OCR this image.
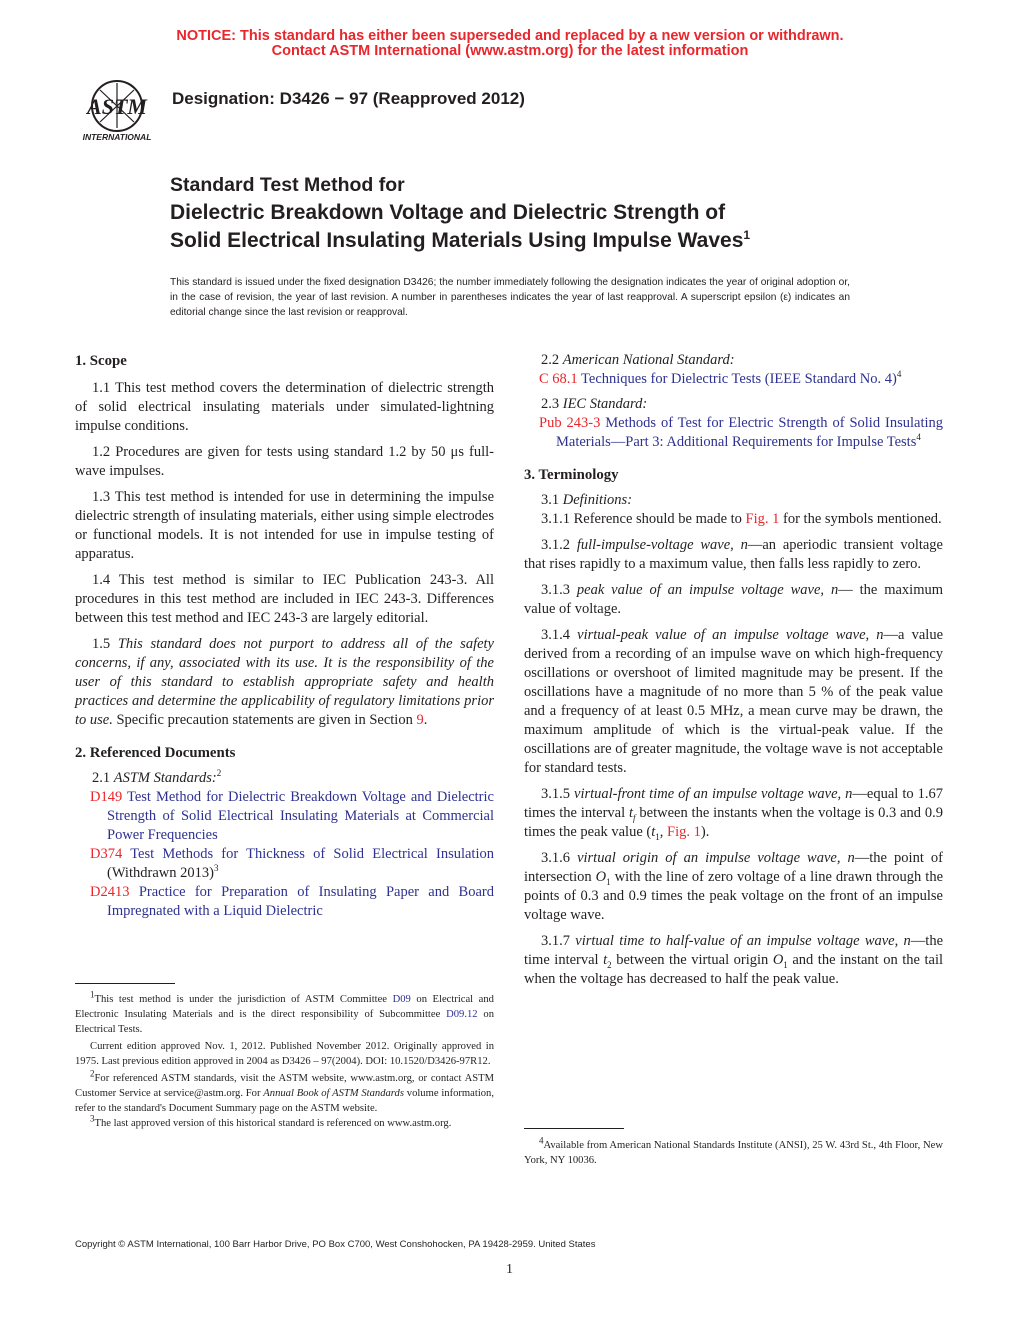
NOTICE: This standard has either been superseded and replaced by a new version or withdrawn.
Contact ASTM International (www.astm.org) for the latest information
ASTM
INTERNATIONAL
Designation: D3426 − 97 (Reapproved 2012)
Standard Test Method for
Dielectric Breakdown Voltage and Dielectric Strength of
Solid Electrical Insulating Materials Using Impulse Waves$^1$
This standard is issued under the fixed designation D3426; the number immediately following the designation indicates the year of original adoption or, in the case of revision, the year of last revision. A number in parentheses indicates the year of last reapproval. A superscript epsilon (ε) indicates an editorial change since the last revision or reapproval.

1. Scope

1.1 This test method covers the determination of dielectric strength of solid electrical insulating materials under simulated-lightning impulse conditions.

1.2 Procedures are given for tests using standard 1.2 by 50 μs full-wave impulses.

1.3 This test method is intended for use in determining the impulse dielectric strength of insulating materials, either using simple electrodes or functional models. It is not intended for use in impulse testing of apparatus.

1.4 This test method is similar to IEC Publication 243-3. All procedures in this test method are included in IEC 243-3. Differences between this test method and IEC 243-3 are largely editorial.

1.5 This standard does not purport to address all of the safety concerns, if any, associated with its use. It is the responsibility of the user of this standard to establish appropriate safety and health practices and determine the applicability of regulatory limitations prior to use. Specific precaution statements are given in Section 9.

2. Referenced Documents

2.1 ASTM Standards:$^2$

D149 Test Method for Dielectric Breakdown Voltage and Dielectric Strength of Solid Electrical Insulating Materials at Commercial Power Frequencies

D374 Test Methods for Thickness of Solid Electrical Insulation (Withdrawn 2013)$^3$

D2413 Practice for Preparation of Insulating Paper and Board Impregnated with a Liquid Dielectric

$^1$This test method is under the jurisdiction of ASTM Committee D09 on Electrical and Electronic Insulating Materials and is the direct responsibility of Subcommittee D09.12 on Electrical Tests.

Current edition approved Nov. 1, 2012. Published November 2012. Originally approved in 1975. Last previous edition approved in 2004 as D3426 – 97(2004). DOI: 10.1520/D3426-97R12.

$^2$For referenced ASTM standards, visit the ASTM website, www.astm.org, or contact ASTM Customer Service at service@astm.org. For Annual Book of ASTM Standards volume information, refer to the standard's Document Summary page on the ASTM website.

$^3$The last approved version of this historical standard is referenced on www.astm.org.

2.2 American National Standard:

C 68.1 Techniques for Dielectric Tests (IEEE Standard No. 4)$^4$

2.3 IEC Standard:

Pub 243-3 Methods of Test for Electric Strength of Solid Insulating Materials—Part 3: Additional Requirements for Impulse Tests$^4$

3. Terminology

3.1 Definitions:

3.1.1 Reference should be made to Fig. 1 for the symbols mentioned.

3.1.2 full-impulse-voltage wave, n—an aperiodic transient voltage that rises rapidly to a maximum value, then falls less rapidly to zero.

3.1.3 peak value of an impulse voltage wave, n— the maximum value of voltage.

3.1.4 virtual-peak value of an impulse voltage wave, n—a value derived from a recording of an impulse wave on which high-frequency oscillations or overshoot of limited magnitude may be present. If the oscillations have a magnitude of no more than 5 % of the peak value and a frequency of at least 0.5 MHz, a mean curve may be drawn, the maximum amplitude of which is the virtual-peak value. If the oscillations are of greater magnitude, the voltage wave is not acceptable for standard tests.

3.1.5 virtual-front time of an impulse voltage wave, n—equal to 1.67 times the interval $t_f$ between the instants when the voltage is 0.3 and 0.9 times the peak value ($t_1$, Fig. 1).

3.1.6 virtual origin of an impulse voltage wave, n—the point of intersection $O_1$ with the line of zero voltage of a line drawn through the points of 0.3 and 0.9 times the peak voltage on the front of an impulse voltage wave.

3.1.7 virtual time to half-value of an impulse voltage wave, n—the time interval $t_2$ between the virtual origin $O_1$ and the instant on the tail when the voltage has decreased to half the peak value.

$^4$Available from American National Standards Institute (ANSI), 25 W. 43rd St., 4th Floor, New York, NY 10036.

Copyright © ASTM International, 100 Barr Harbor Drive, PO Box C700, West Conshohocken, PA 19428-2959. United States
1
